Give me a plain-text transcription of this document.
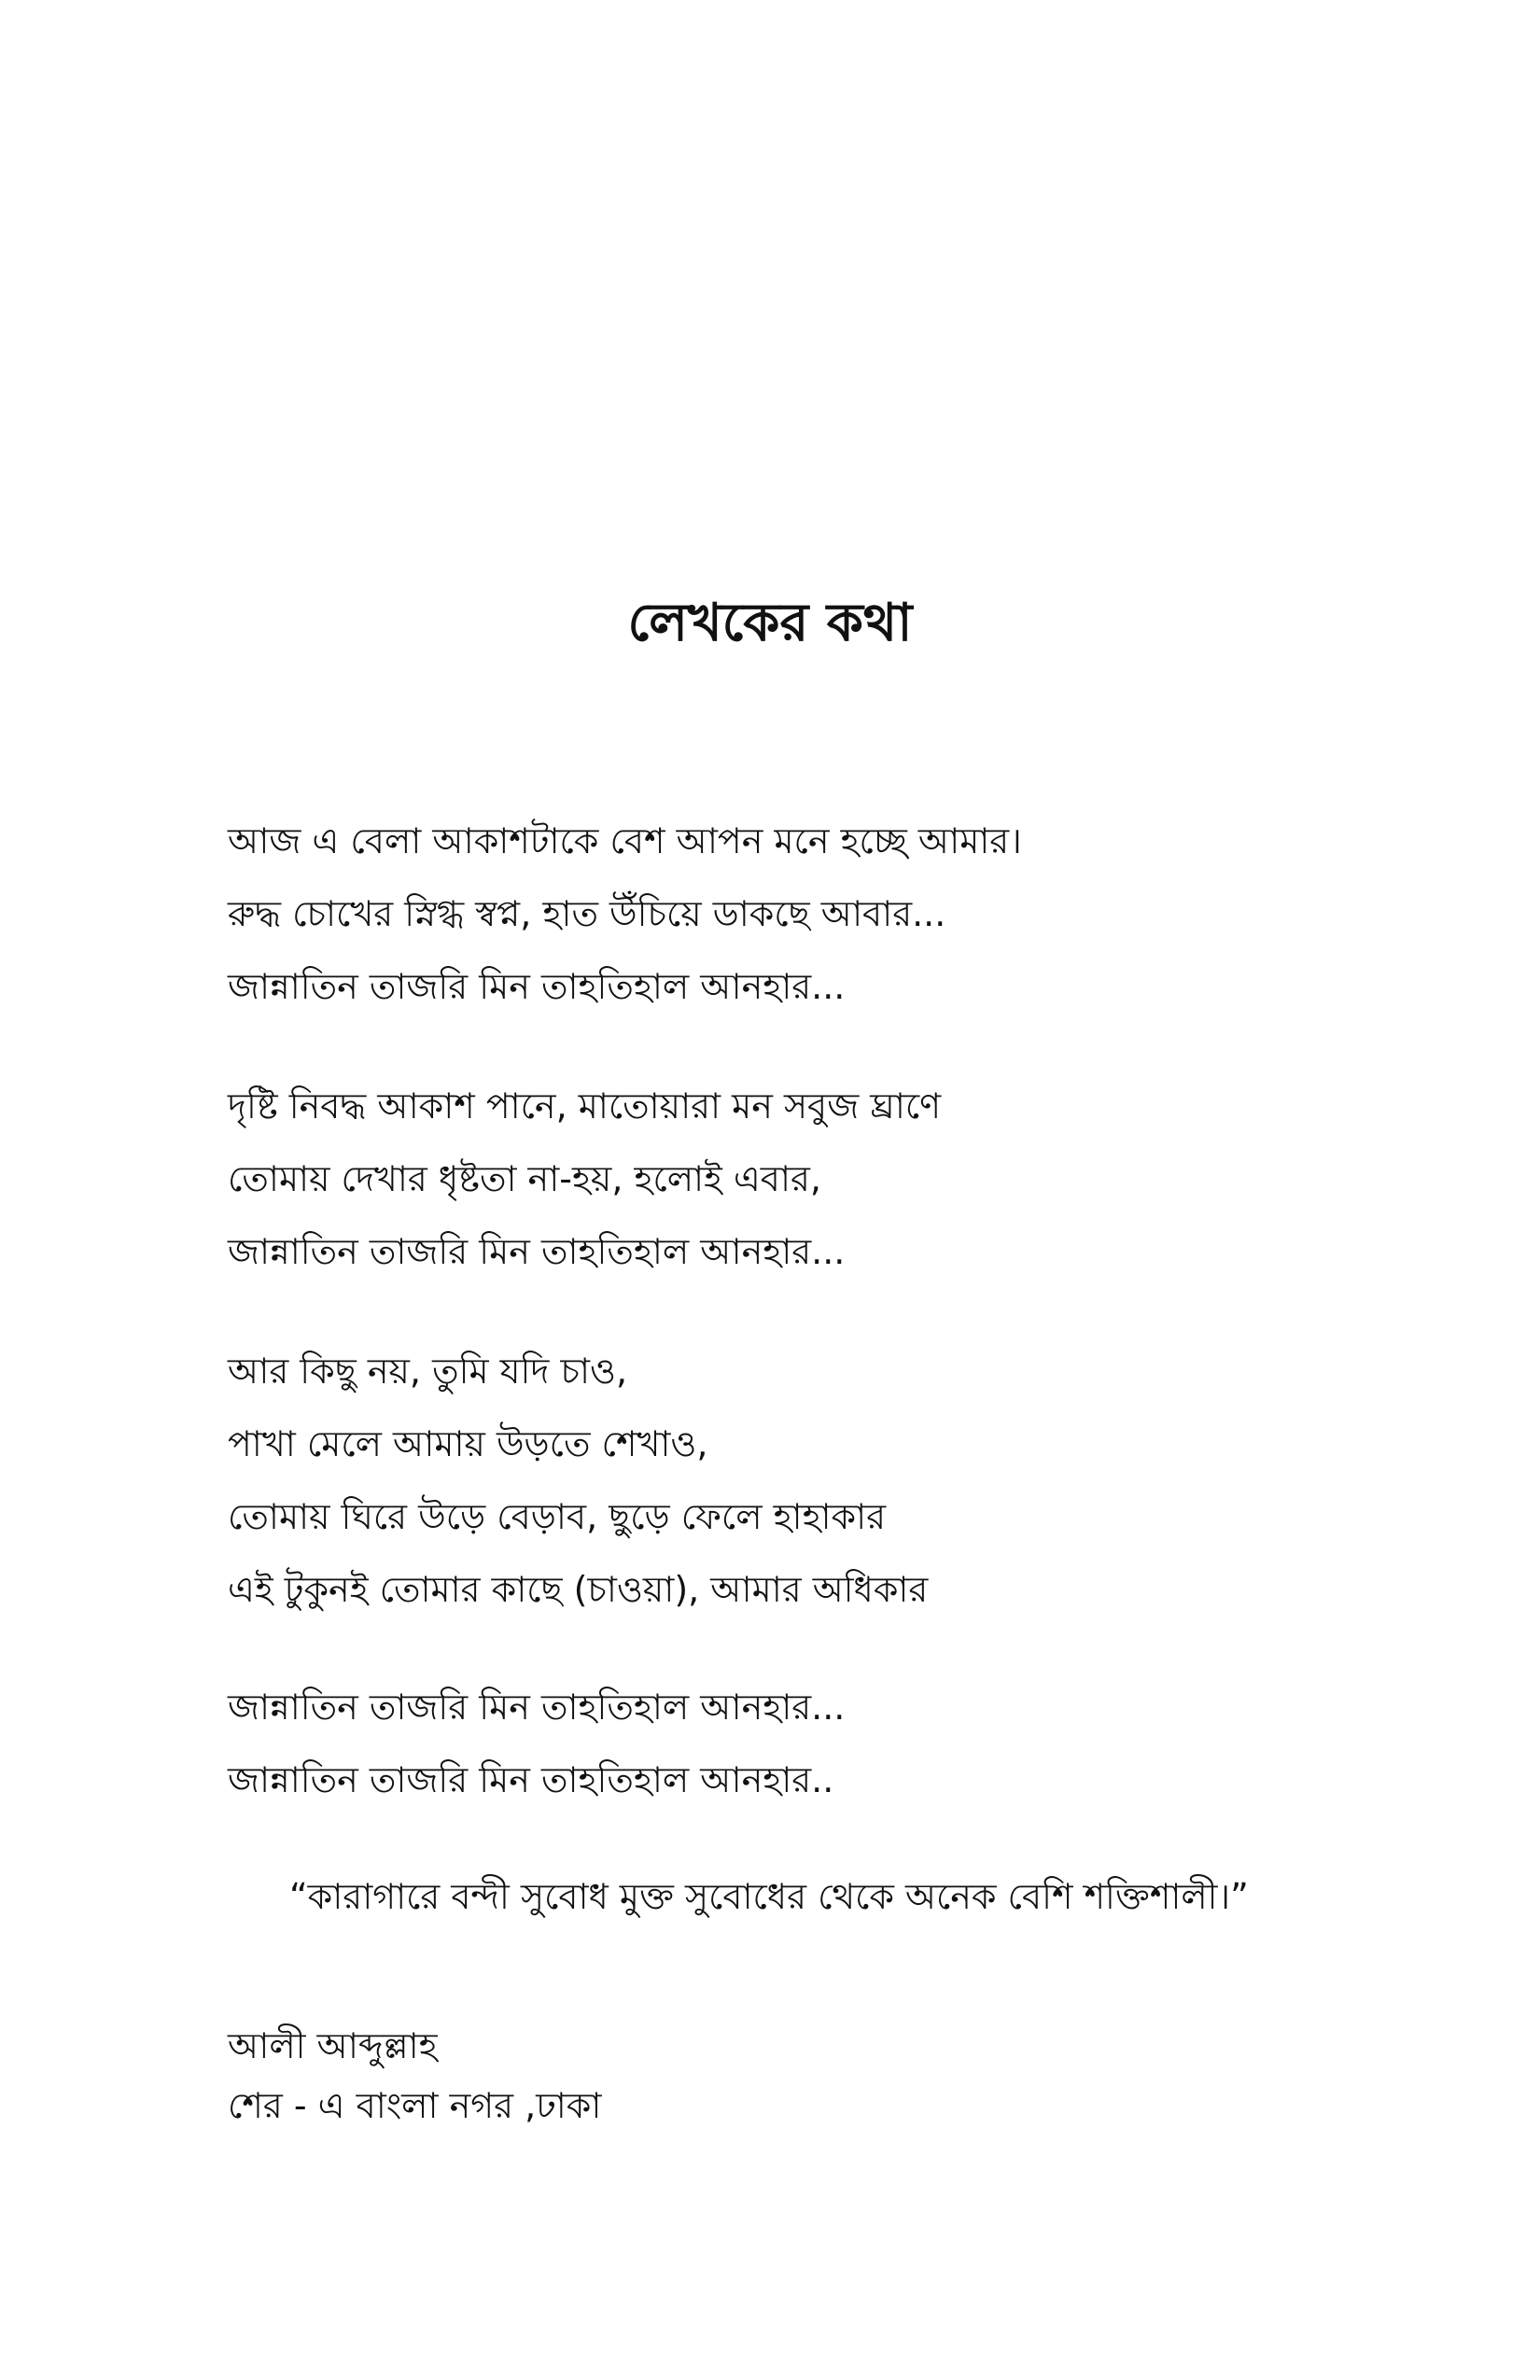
লেখকের কথা
আজ এ বেলা আকাশটাকে বেশ আপন মনে হচ্ছে আমার।
রুদ্ধ চোখের স্নিগ্ধ স্বপ্ন, হাত উঁচিয়ে ডাকছে আবার...
জান্নাতিন তাজরি মিন তাহতিহাল আনহার...
দৃষ্টি নিবদ্ধ আকাশ পানে, মাতোয়ারা মন সবুজ ঘ্রাণে
তোমায় দেখার ধৃষ্টতা না-হয়, হলোই এবার,
জান্নাতিন তাজরি মিন তাহতিহাল আনহার...
আর কিছু নয়, তুমি যদি চাও,
পাখা মেলে আমায় উড়তে শেখাও,
তোমায় ঘিরে উড়ে বেড়াব, ছুড়ে ফেলে হাহাকার
এই টুকুনই তোমার কাছে (চাওয়া), আমার অধিকার
জান্নাতিন তাজরি মিন তাহতিহাল আনহার...
জান্নাতিন তাজরি মিন তাহতিহাল আনহার..
“কারাগারে বন্দী সুবোধ মুক্ত সুবোধের থেকে অনেক বেশি শক্তিশালী।”
আলী আব্দুল্লাহ
শের - এ বাংলা নগর ,ঢাকা
